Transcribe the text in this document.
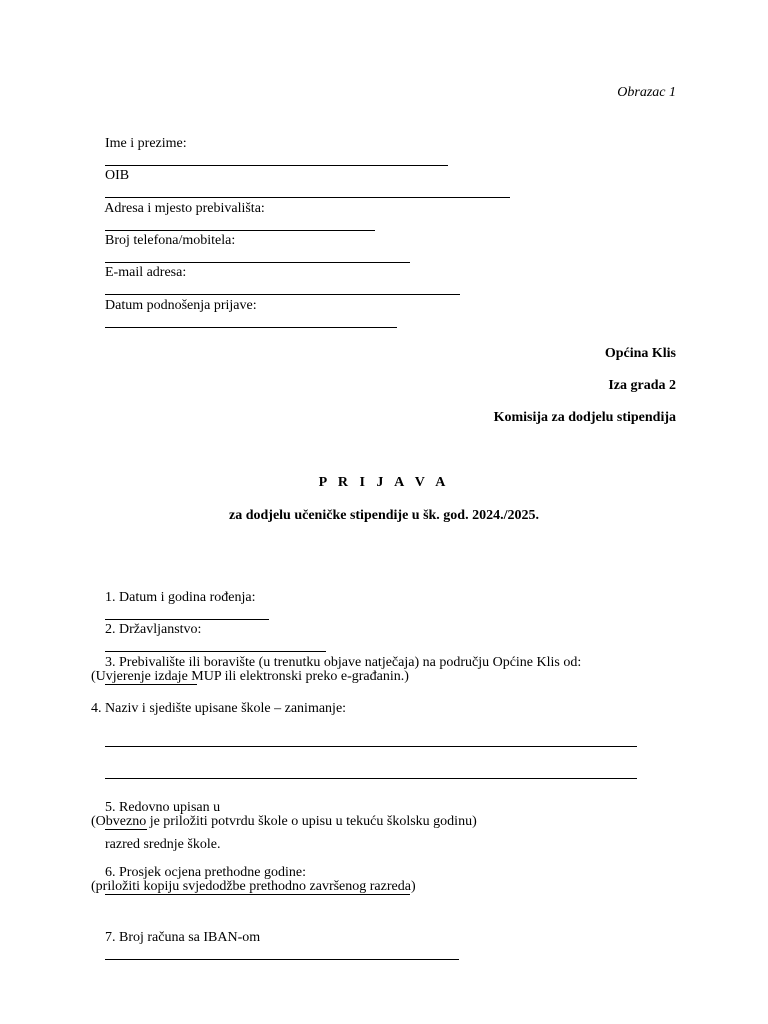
Obrazac 1

Ime i prezime:

OIB

Adresa i mjesto prebivališta:

Broj telefona/mobitela:

E-mail adresa:

Datum podnošenja prijave:

Općina Klis
Iza grada 2
Komisija za dodjelu stipendija
P R I J A V A
za dodjelu učeničke stipendije u šk. god. 2024./2025.

1. Datum i godina rođenja:

2. Državljanstvo:

3. Prebivalište ili boravište (u trenutku objave natječaja) na području Općine Klis od:

(Uvjerenje izdaje MUP ili elektronski preko e-građanin.)
4. Naziv i sjedište upisane škole – zanimanje:

5. Redovno upisan u

razred srednje škole.

(Obvezno je priložiti potvrdu škole o upisu u tekuću školsku godinu)

6. Prosjek ocjena prethodne godine:

(priložiti kopiju svjedodžbe prethodno završenog razreda)

7. Broj računa sa IBAN-om
